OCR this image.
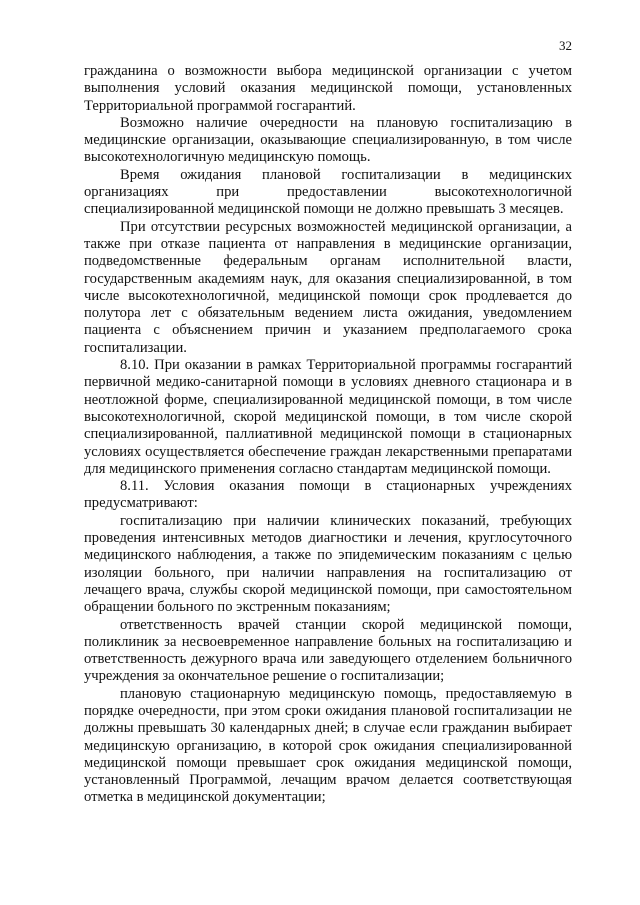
32

гражданина о возможности выбора медицинской организации с учетом выполнения условий оказания медицинской помощи, установленных Территориальной программой госгарантий.

Возможно наличие очередности на плановую госпитализацию в медицинские организации, оказывающие специализированную, в том числе высокотехнологичную медицинскую помощь.

Время ожидания плановой госпитализации в медицинских организациях при предоставлении высокотехнологичной специализированной медицинской помощи не должно превышать 3 месяцев.

При отсутствии ресурсных возможностей медицинской организации, а также при отказе пациента от направления в медицинские организации, подведомственные федеральным органам исполнительной власти, государственным академиям наук, для оказания специализированной, в том числе высокотехнологичной, медицинской помощи срок продлевается до полутора лет с обязательным ведением листа ожидания, уведомлением пациента с объяснением причин и указанием предполагаемого срока госпитализации.

8.10. При оказании в рамках Территориальной программы госгарантий первичной медико-санитарной помощи в условиях дневного стационара и в неотложной форме, специализированной медицинской помощи, в том числе высокотехнологичной, скорой медицинской помощи, в том числе скорой специализированной, паллиативной медицинской помощи в стационарных условиях осуществляется обеспечение граждан лекарственными препаратами для медицинского применения согласно стандартам медицинской помощи.

8.11. Условия оказания помощи в стационарных учреждениях предусматривают:

госпитализацию при наличии клинических показаний, требующих проведения интенсивных методов диагностики и лечения, круглосуточного медицинского наблюдения, а также по эпидемическим показаниям с целью изоляции больного, при наличии направления на госпитализацию от лечащего врача, службы скорой медицинской помощи, при самостоятельном обращении больного по экстренным показаниям;

ответственность врачей станции скорой медицинской помощи, поликлиник за несвоевременное направление больных на госпитализацию и ответственность дежурного врача или заведующего отделением больничного учреждения за окончательное решение о госпитализации;

плановую стационарную медицинскую помощь, предоставляемую в порядке очередности, при этом сроки ожидания плановой госпитализации не должны превышать 30 календарных дней; в случае если гражданин выбирает медицинскую организацию, в которой срок ожидания специализированной медицинской помощи превышает срок ожидания медицинской помощи, установленный Программой, лечащим врачом делается соответствующая отметка в медицинской документации;
